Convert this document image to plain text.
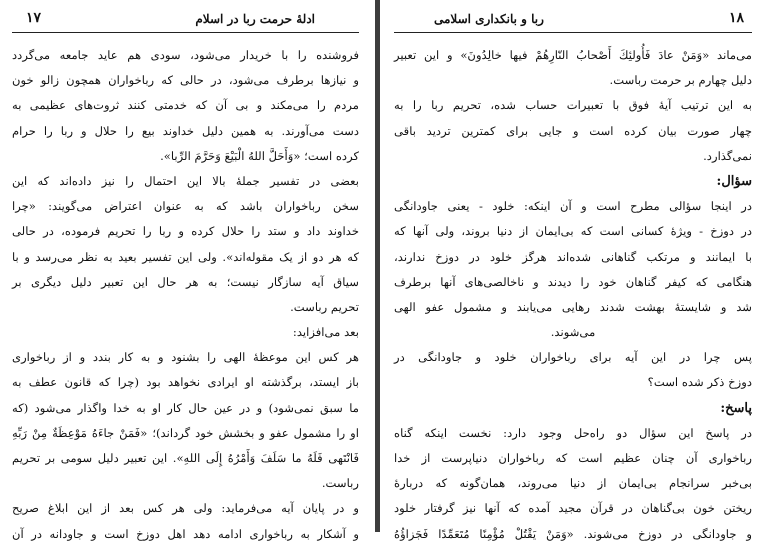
۱۷	ادلهٔ حرمت ربا در اسلام
فروشنده را با خریدار می‌شود، سودی هم عاید جامعه می‌گردد
و نیازها برطرف می‌شود، در حالی که رباخواران همچون زالو خون
مردم را می‌مکند و بی آن که خدمتی کنند ثروت‌های عظیمی به
دست می‌آورند. به همین دلیل خداوند بیع را حلال و ربا را حرام
کرده است؛ «وَأَحَلَّ اللهُ الْبَيْعَ وَحَرَّمَ الرِّبا».
بعضی در تفسیر جملهٔ بالا این احتمال را نیز داده‌اند که این
سخن رباخواران باشد که به عنوان اعتراض می‌گویند: «چرا
خداوند داد و ستد را حلال کرده و ربا را تحریم فرموده، در حالی
که هر دو از یک مقوله‌اند». ولی این تفسیر بعید به نظر می‌رسد و با
سیاق آیه سازگار نیست؛ به هر حال این تعبیر دلیل دیگری بر
تحریم رباست.
بعد می‌افزاید:
هر کس این موعظهٔ الهی را بشنود و به کار بندد و از رباخواری
باز ایستد، برگذشته او ایرادی نخواهد بود (چرا که قانون عطف به
ما سبق نمی‌شود) و در عین حال کار او به خدا واگذار می‌شود (که
او را مشمول عفو و بخشش خود گرداند)؛ «فَمَنْ جاءَهُ مَوْعِظَةٌ مِنْ رَبِّهِ
فَانْتَهى فَلَهُ ما سَلَفَ وَأَمْرُهُ إِلَى اللهِ». این تعبیر دلیل سومی بر تحریم
رباست.
و در پایان آیه می‌فرماید: ولی هر کس بعد از این ابلاغ صریح
و آشکار به رباخواری ادامه دهد اهل دوزخ است و جاودانه در آن
۱۸
ربا و بانکداری اسلامی
می‌ماند «وَمَنْ عادَ فَأُولئِكَ أَصْحابُ النّارِهُمْ فيها خالِدُونَ» و این تعبیر
دلیل چهارم بر حرمت رباست.
به این ترتیب آیهٔ فوق با تعبیرات حساب شده، تحریم ربا را به
چهار صورت بیان کرده است و جایی برای کمترین تردید باقی
نمی‌گذارد.
سؤال:
در اینجا سؤالی مطرح است و آن اینکه: خلود - یعنی جاودانگی
در دوزخ - ویژهٔ کسانی است که بی‌ایمان از دنیا بروند، ولی آنها که
با ایمانند و مرتکب گناهانی شده‌اند هرگز خلود در دوزخ ندارند،
هنگامی که کیفر گناهان خود را دیدند و ناخالصی‌های آنها برطرف
شد و شایستهٔ بهشت شدند رهایی می‌یابند و مشمول عفو الهی
می‌شوند.
پس چرا در این آیه برای رباخواران خلود و جاودانگی در
دوزخ ذکر شده است؟
پاسخ:
در پاسخ این سؤال دو راه‌حل وجود دارد: نخست اینکه گناه
رباخواری آن چنان عظیم است که رباخواران دنیاپرست از خدا
بی‌خبر سرانجام بی‌ایمان از دنیا می‌روند، همان‌گونه که دربارهٔ
ریختن خون بی‌گناهان در قرآن مجید آمده که آنها نیز گرفتار خلود
و جاودانگی در دوزخ می‌شوند. «وَمَنْ يَقْتُلْ مُؤْمِنًا مُتَعَمِّدًا فَجَزاؤُهُ
